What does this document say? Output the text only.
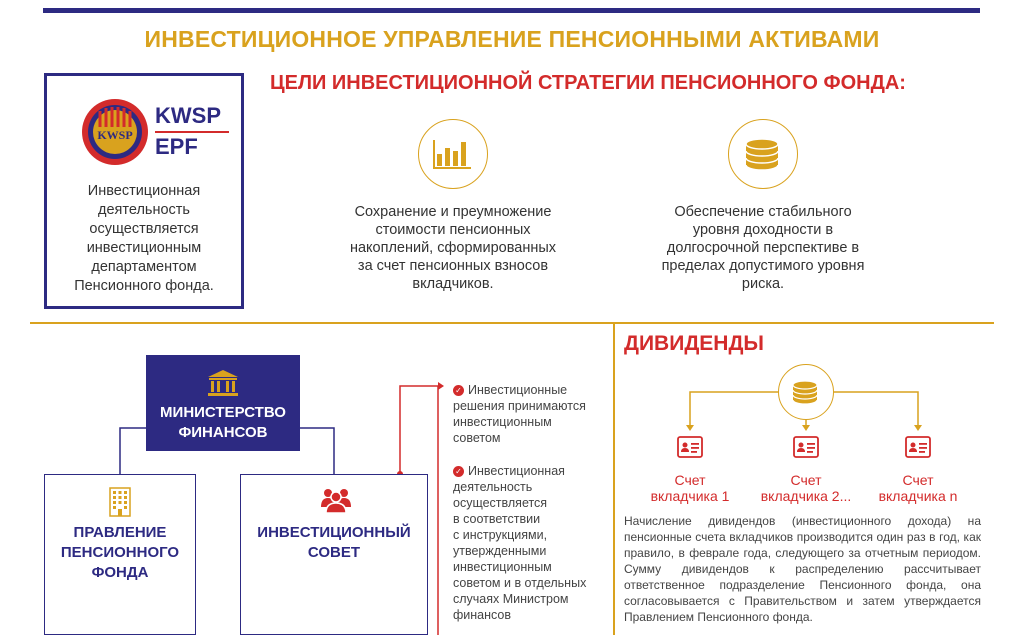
ИНВЕСТИЦИОННОЕ УПРАВЛЕНИЕ ПЕНСИОННЫМИ АКТИВАМИ
KWSP
KWSP
EPF
Инвестиционная
деятельность
осуществляется
инвестиционным
департаментом
Пенсионного фонда.
ЦЕЛИ ИНВЕСТИЦИОННОЙ СТРАТЕГИИ ПЕНСИОННОГО ФОНДА:
Сохранение и преумножение
стоимости пенсионных
накоплений, сформированных
за счет пенсионных взносов
вкладчиков.
Обеспечение стабильного
уровня доходности в
долгосрочной перспективе в
пределах допустимого уровня
риска.
МИНИСТЕРСТВО
ФИНАНСОВ
ПРАВЛЕНИЕ
ПЕНСИОННОГО
ФОНДА
ИНВЕСТИЦИОННЫЙ
СОВЕТ
✓ Инвестиционные
решения принимаются
инвестиционным
советом
✓ Инвестиционная
деятельность
осуществляется
в соответствии
с инструкциями,
утвержденными
инвестиционным
советом и в отдельных
случаях Министром
финансов
ДИВИДЕНДЫ
Счет
вкладчика 1
Счет
вкладчика 2...
Счет
вкладчика n
Начисление дивидендов (инвестиционного дохода) на пенсионные счета вкладчиков производится один раз в год, как правило, в феврале года, следующего за отчетным периодом. Сумму дивидендов к распределению рассчитывает ответственное подразделение Пенсионного фонда, она согласовывается с Правительством и затем утверждается Правлением Пенсионного фонда.
